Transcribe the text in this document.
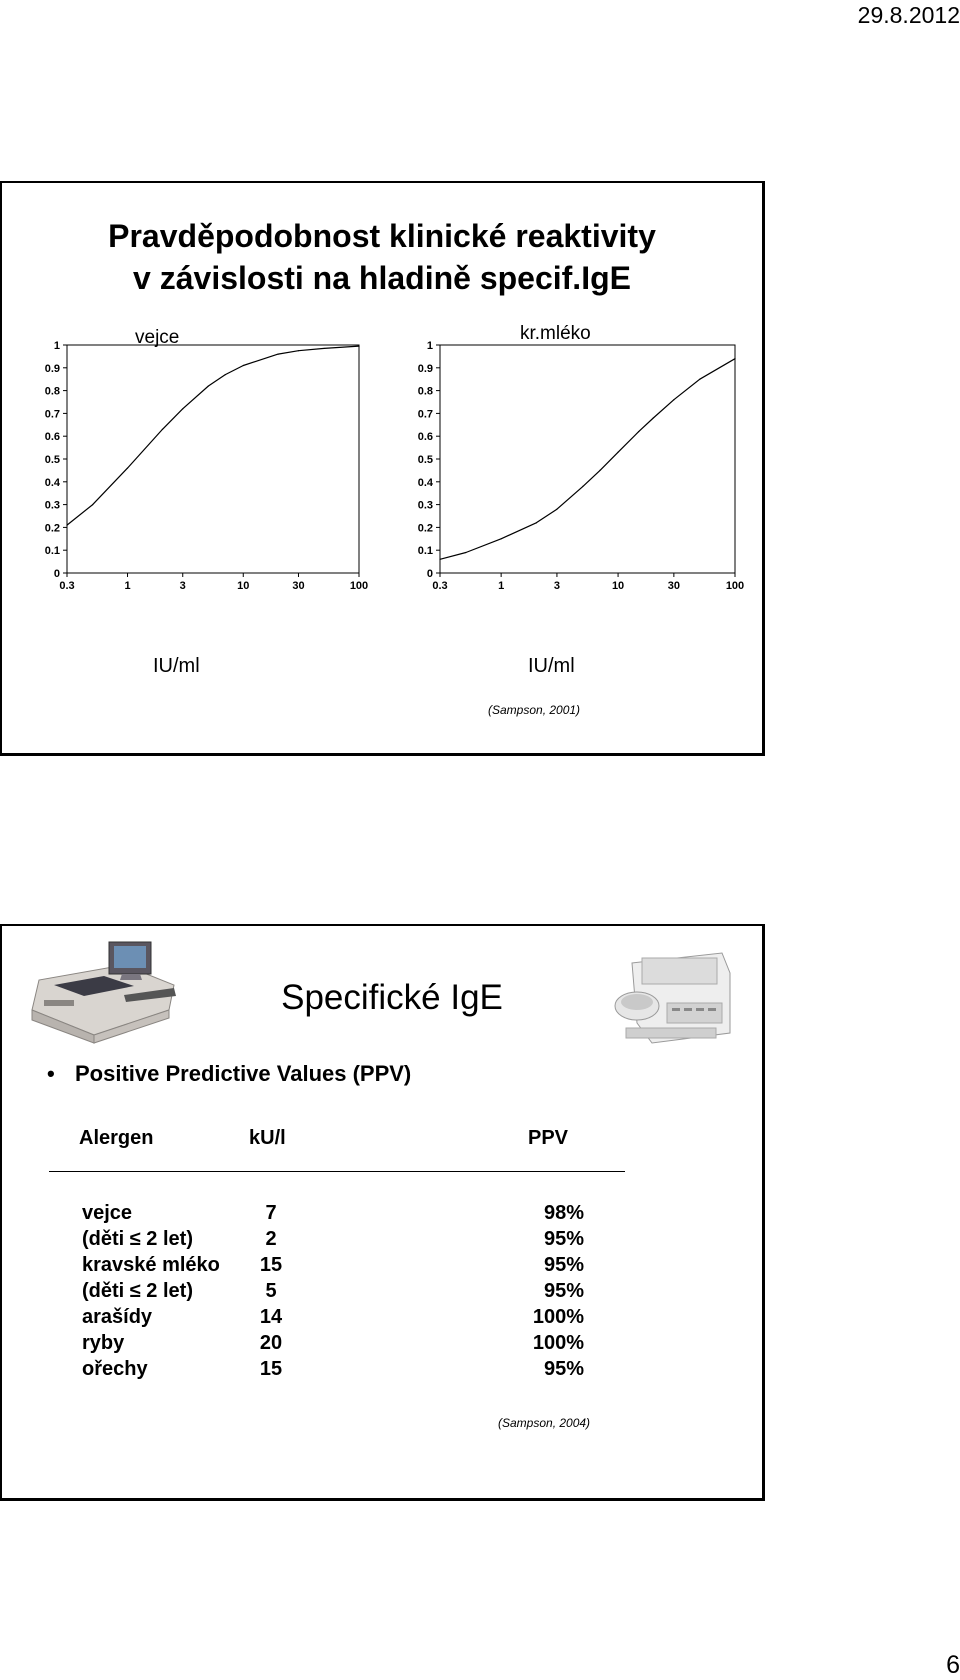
29.8.2012
Pravděpodobnost klinické reaktivity
v závislosti na hladině specif.IgE
0
0.1
0.2
0.3
0.4
0.5
0.6
0.7
0.8
0.9
1
0.3	1	3	10	30	100
vejce
0
0.1
0.2
0.3
0.4
0.5
0.6
0.7
0.8
0.9
1
0.3	1	3	10	30	100
kr.mléko
IU/ml	IU/ml
(Sampson, 2001)
Specifické IgE
• Positive Predictive Values (PPV)
Alergen	kU/l	PPV
vejce	7	98%
(děti ≤ 2 let)	2	95%
kravské mléko	15	95%
(děti ≤ 2 let)	5	95%
arašídy	14	100%
ryby	20	100%
ořechy	15	95%
(Sampson, 2004)
6
